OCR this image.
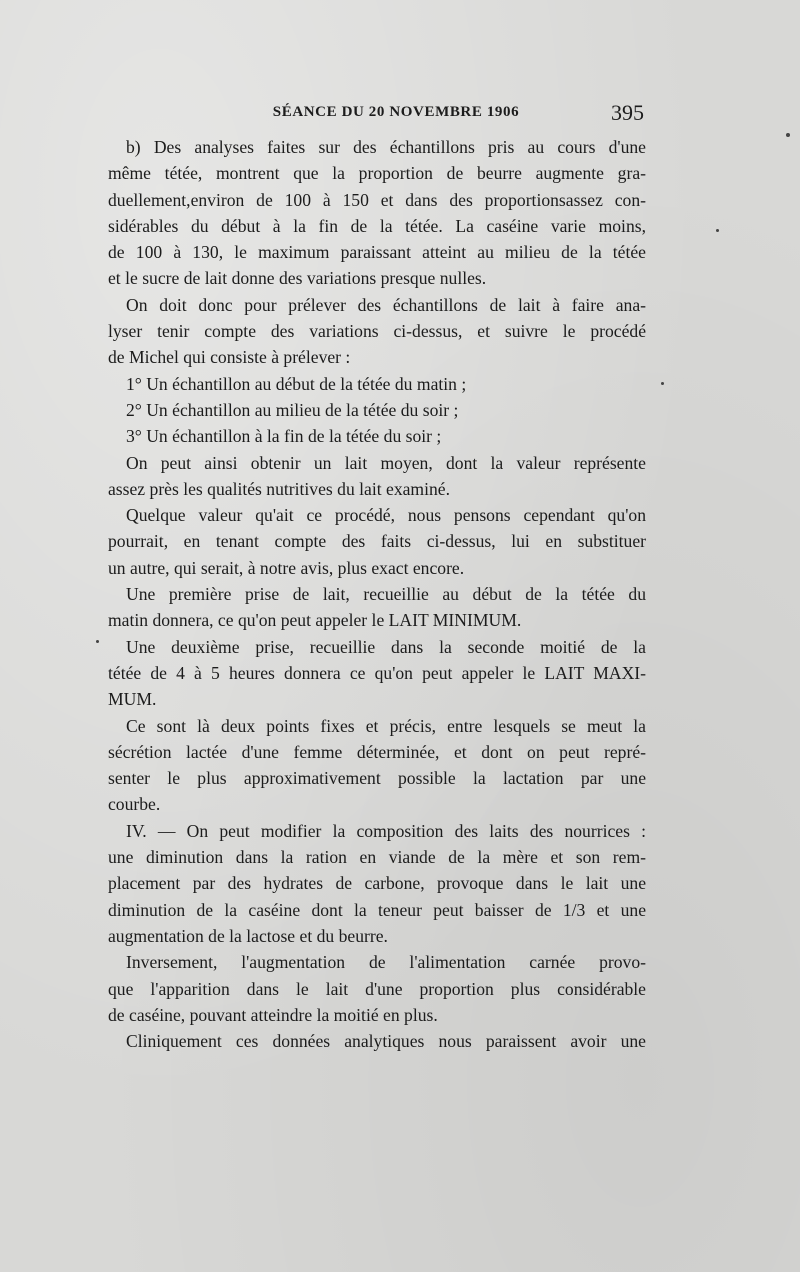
SÉANCE DU 20 NOVEMBRE 1906	395
b) Des analyses faites sur des échantillons pris au cours d'une
même tétée, montrent que la proportion de beurre augmente gra-
duellement,environ de 100 à 150 et dans des proportionsassez con-
sidérables du début à la fin de la tétée. La caséine varie moins,
de 100 à 130, le maximum paraissant atteint au milieu de la tétée
et le sucre de lait donne des variations presque nulles.
On doit donc pour prélever des échantillons de lait à faire ana-
lyser tenir compte des variations ci-dessus, et suivre le procédé
de Michel qui consiste à prélever :
1° Un échantillon au début de la tétée du matin ;
2° Un échantillon au milieu de la tétée du soir ;
3° Un échantillon à la fin de la tétée du soir ;
On peut ainsi obtenir un lait moyen, dont la valeur représente
assez près les qualités nutritives du lait examiné.
Quelque valeur qu'ait ce procédé, nous pensons cependant qu'on
pourrait, en tenant compte des faits ci-dessus, lui en substituer
un autre, qui serait, à notre avis, plus exact encore.
Une première prise de lait, recueillie au début de la tétée du
matin donnera, ce qu'on peut appeler le LAIT MINIMUM.
Une deuxième prise, recueillie dans la seconde moitié de la
tétée de 4 à 5 heures donnera ce qu'on peut appeler le LAIT MAXI-
MUM.
Ce sont là deux points fixes et précis, entre lesquels se meut la
sécrétion lactée d'une femme déterminée, et dont on peut repré-
senter le plus approximativement possible la lactation par une
courbe.
IV. — On peut modifier la composition des laits des nourrices :
une diminution dans la ration en viande de la mère et son rem-
placement par des hydrates de carbone, provoque dans le lait une
diminution de la caséine dont la teneur peut baisser de 1/3 et une
augmentation de la lactose et du beurre.
Inversement, l'augmentation de l'alimentation carnée provo-
que l'apparition dans le lait d'une proportion plus considérable
de caséine, pouvant atteindre la moitié en plus.
Cliniquement ces données analytiques nous paraissent avoir une
